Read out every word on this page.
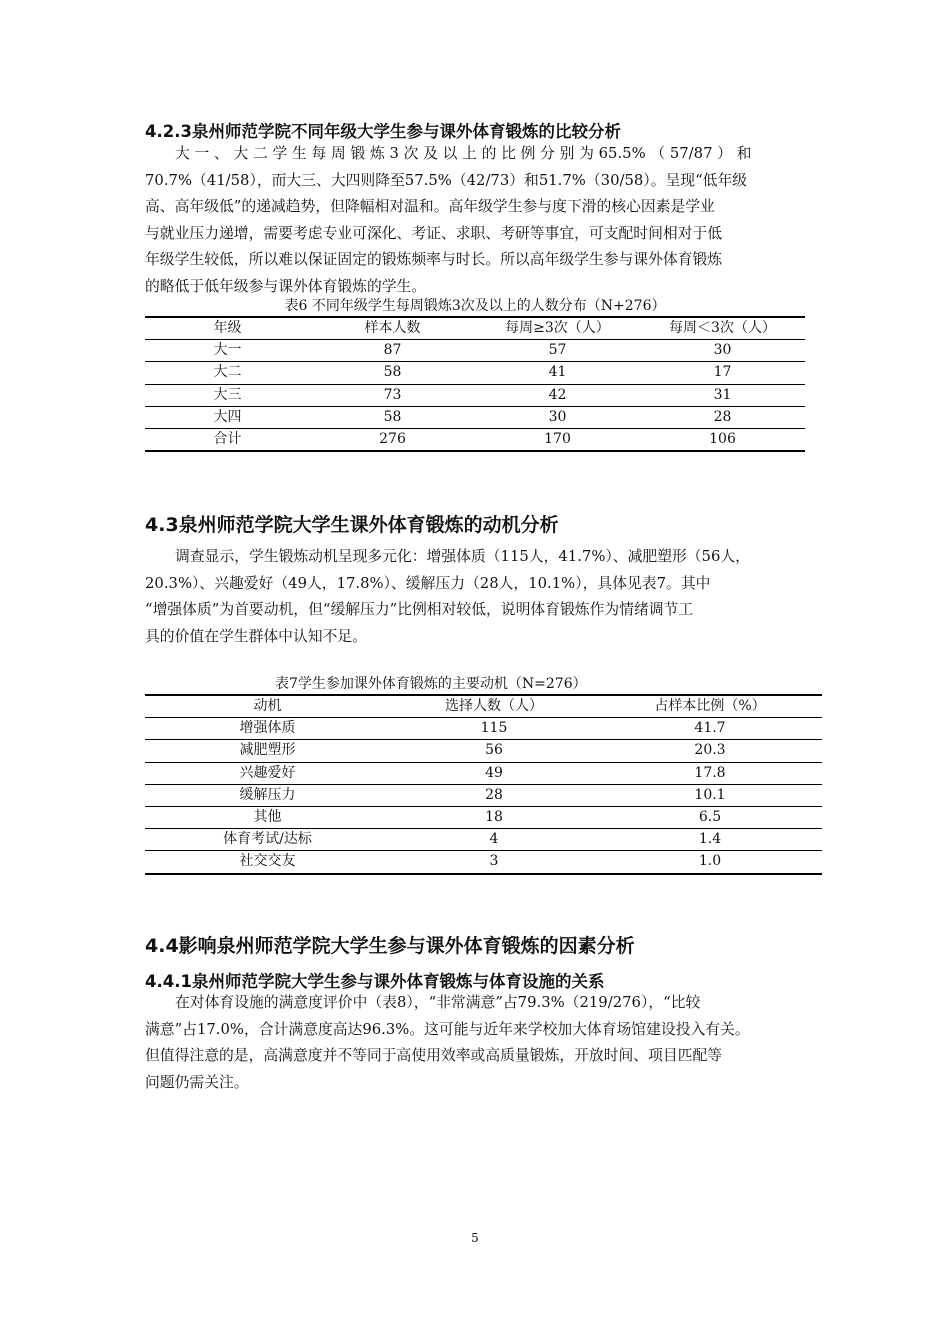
4.2.3泉州师范学院不同年级大学生参与课外体育锻炼的比较分析
大 一 、 大 二 学 生 每 周 锻 炼 3 次 及 以 上 的 比 例 分 别 为 65.5% （ 57/87 ） 和
70.7%（41/58），而大三、大四则降至57.5%（42/73）和51.7%（30/58）。呈现“低年级
高、高年级低”的递减趋势，但降幅相对温和。高年级学生参与度下滑的核心因素是学业
与就业压力递增，需要考虑专业可深化、考证、求职、考研等事宜，可支配时间相对于低
年级学生较低，所以难以保证固定的锻炼频率与时长。所以高年级学生参与课外体育锻炼
的略低于低年级参与课外体育锻炼的学生。
表6 不同年级学生每周锻炼3次及以上的人数分布（N+276）
年级	样本人数	每周≥3次（人）	每周＜3次（人）
大一	87	57	30
大二	58	41	17
大三	73	42	31
大四	58	30	28
合计	276	170	106
4.3泉州师范学院大学生课外体育锻炼的动机分析
调查显示，学生锻炼动机呈现多元化：增强体质（115人，41.7%）、减肥塑形（56人，
20.3%）、兴趣爱好（49人，17.8%）、缓解压力（28人，10.1%），具体见表7。其中
“增强体质”为首要动机，但“缓解压力”比例相对较低，说明体育锻炼作为情绪调节工
具的价值在学生群体中认知不足。
表7学生参加课外体育锻炼的主要动机（N=276）
动机	选择人数（人）	占样本比例（%）
增强体质	115	41.7
减肥塑形	56	20.3
兴趣爱好	49	17.8
缓解压力	28	10.1
其他	18	6.5
体育考试/达标	4	1.4
社交交友	3	1.0
4.4影响泉州师范学院大学生参与课外体育锻炼的因素分析
4.4.1泉州师范学院大学生参与课外体育锻炼与体育设施的关系
在对体育设施的满意度评价中（表8），“非常满意”占79.3%（219/276），“比较
满意”占17.0%，合计满意度高达96.3%。这可能与近年来学校加大体育场馆建设投入有关。
但值得注意的是，高满意度并不等同于高使用效率或高质量锻炼，开放时间、项目匹配等
问题仍需关注。
5
